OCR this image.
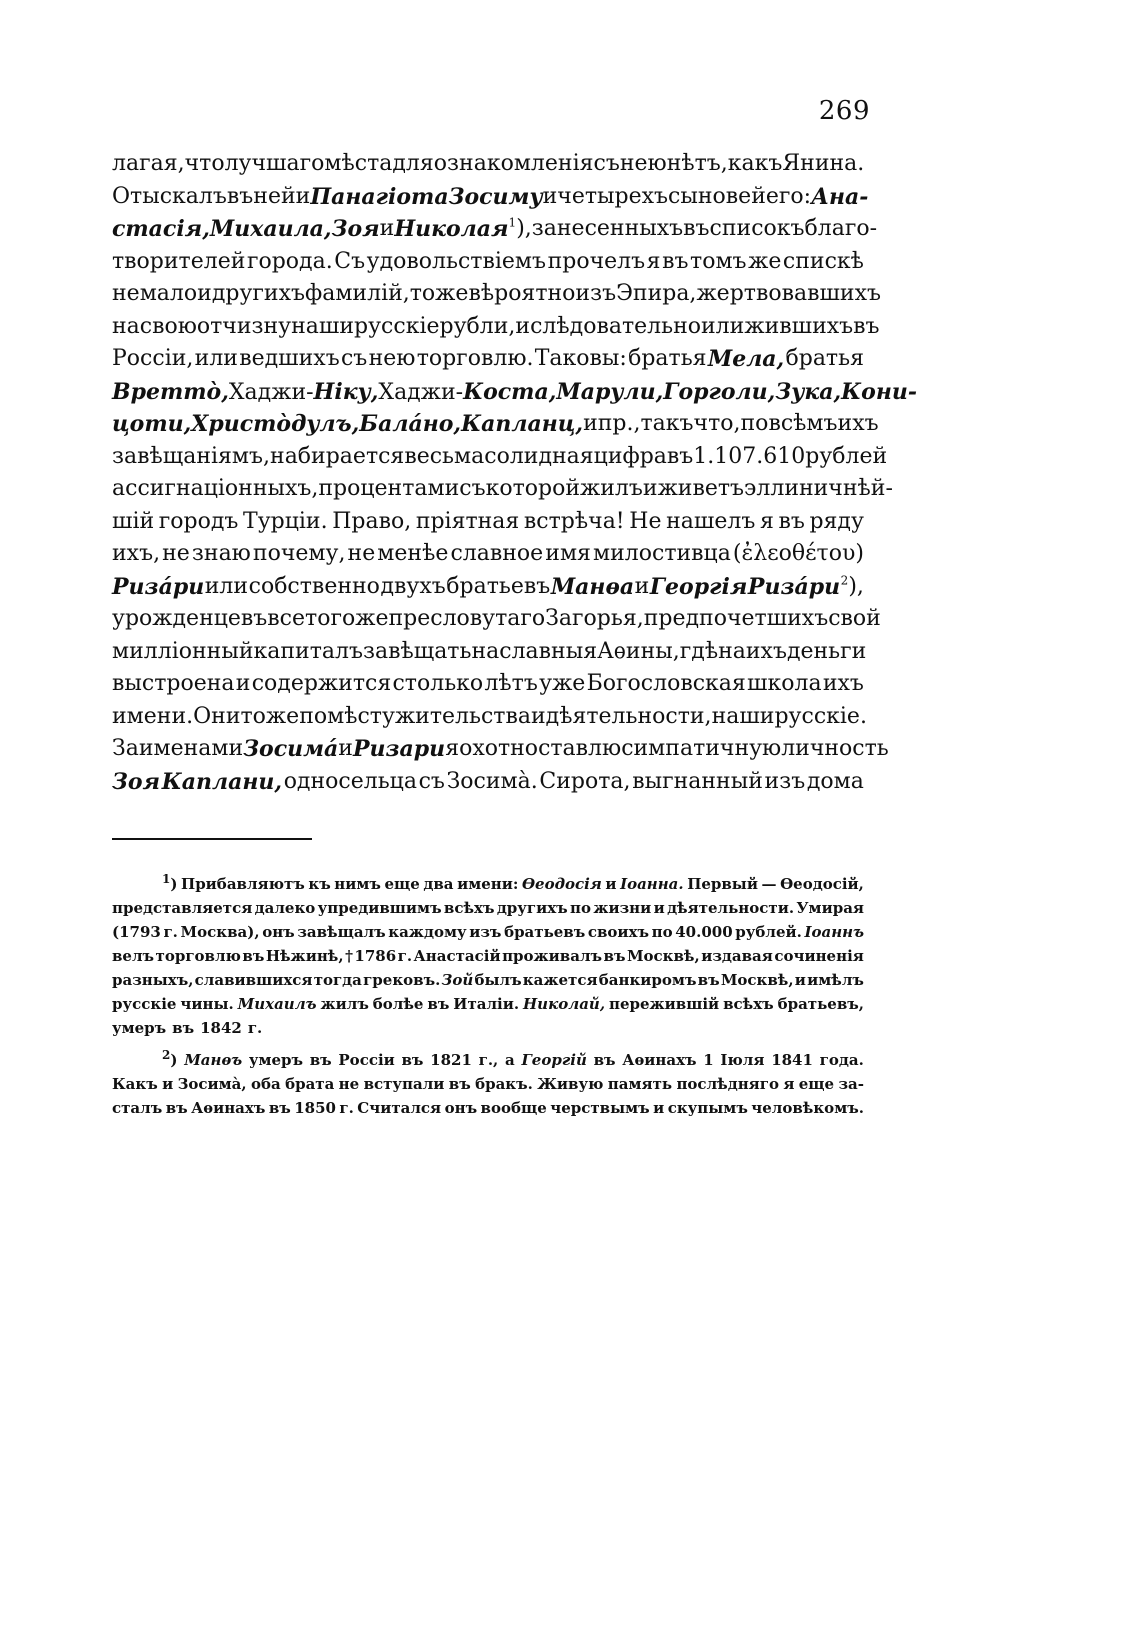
269
лагая, что лучшаго мѣста для ознакомленія съ нею нѣтъ, какъ Янина.
Отыскалъ въ ней и Панагіота Зосиму и четырехъ сыновей его: Ана-
стасія, Михаила, Зоя и Николая $^1$), занесенныхъ въ списокъ благо-
творителей города. Съ удовольствіемъ прочелъ я въ томъ же спискѣ
не мало и другихъ фамилій, тоже вѣроятно изъ Эпира, жертвовавшихъ
на свою отчизну наши русскіе рубли, и слѣдовательно или жившихъ въ
Россіи, или ведшихъ съ нею торговлю. Таковы: братья Мела, братья
Вреттò, Хаджи-Ніку, Хаджи-Коста, Маpули, Горголи, Зука, Кони-
цоти, Христòдулъ, Балáно, Капланц, и пр., такъ что, по всѣмъ ихъ
завѣщаніямъ, набирается весьма солидная цифра въ 1.107.610 рублей
ассигнаціонныхъ, процентами съ которой жилъ и живетъ эллиничнѣй-
шій городъ Турціи. Право, пріятная встрѣча! Не нашелъ я въ ряду
ихъ, не знаю почему, не менѣе славное имя милостивца (ἐλεοθέτου)
Ризáри или собственно двухъ братьевъ Манѳа и Георгія Ризáри $^2$),
урожденцевъ все того же пресловутаго Загорья, предпочетшихъ свой
милліонный капиталъ завѣщать на славныя Аѳины, гдѣ на ихъ деньги
выстроена и содержится столько лѣтъ уже Богословская школа ихъ
имени. Они тоже по мѣсту жительства и дѣятельности, наши русскіе.
За именами Зосимá и Ризари я охотно ставлю симпатичную личность
Зоя Каплани, односельца съ Зосимà. Сирота, выгнанный изъ дома
$^1$) Прибавляютъ къ нимъ еще два имени: Ѳеодосія и Іоанна. Первый — Ѳеодосій,
представляется далеко упредившимъ всѣхъ другихъ по жизни и дѣятельности. Умирая
(1793 г. Москва), онъ завѣщалъ каждому изъ братьевъ своихъ по 40.000 рублей. Іоаннъ
велъ торговлю въ Нѣжинѣ, † 1786 г. Анастасій проживалъ въ Москвѣ, издавая сочиненія
разныхъ, славившихся тогда грековъ. Зой былъ кажется банкиромъ въ Москвѣ, и имѣлъ
русскіе чины. Михаилъ жилъ болѣе въ Италіи. Николай, пережившій всѣхъ братьевъ,
умеръ въ 1842 г.
$^2$) Манѳъ умеръ въ Россіи въ 1821 г., а Георгій въ Аѳинахъ 1 Іюля 1841 года.
Какъ и Зосимà, оба брата не вступали въ бракъ. Живую память послѣдняго я еще за-
сталъ въ Аѳинахъ въ 1850 г. Считался онъ вообще черствымъ и скупымъ человѣкомъ.
